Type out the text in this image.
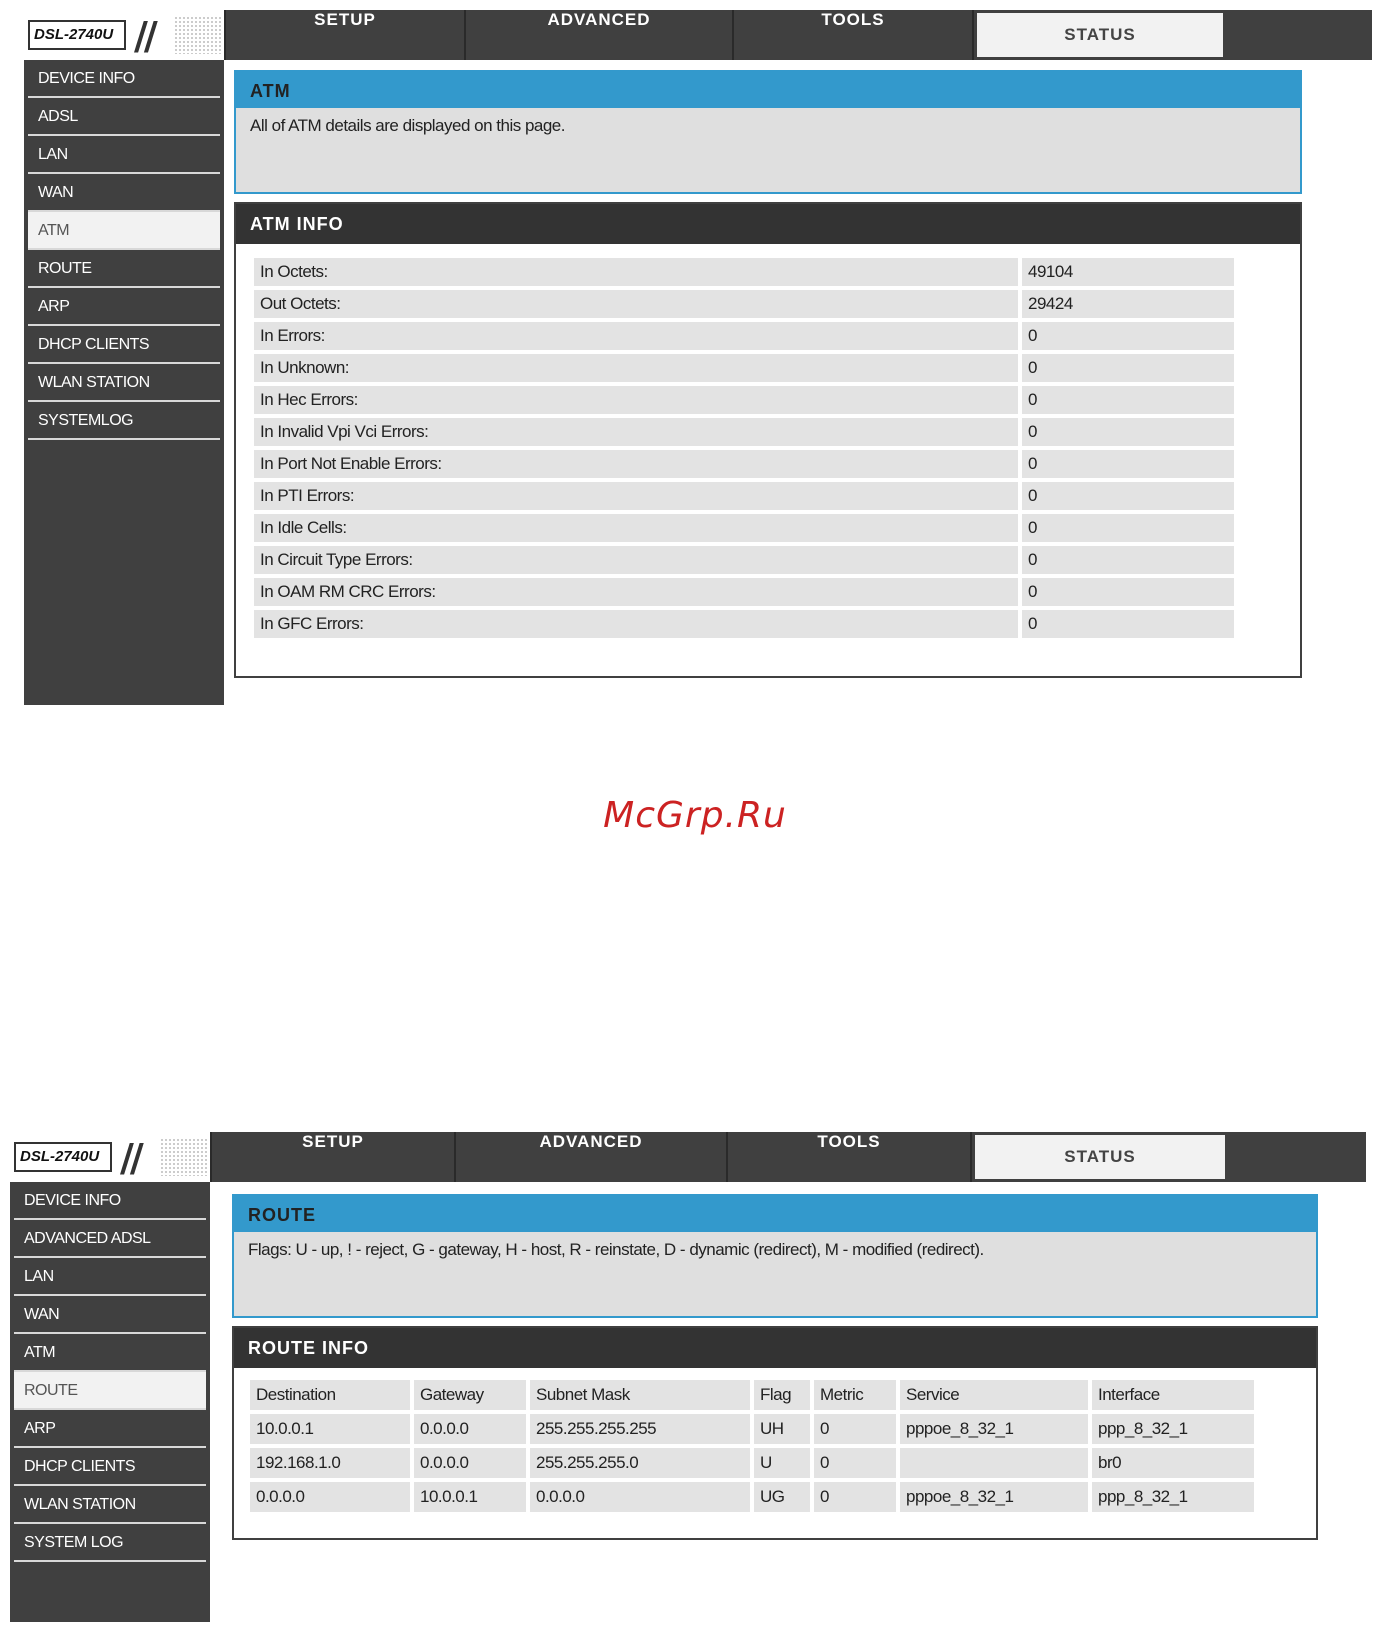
DSL-2740U //	SETUP	ADVANCED	TOOLS
STATUS
DEVICE INFO
ADSL
LAN
WAN
ATM
ROUTE
ARP
DHCP CLIENTS
WLAN STATION
SYSTEMLOG
ATM
All of ATM details are displayed on this page.
ATM INFO
In Octets:	49104
Out Octets:	29424
In Errors:	0
In Unknown:	0
In Hec Errors:	0
In Invalid Vpi Vci Errors:	0
In Port Not Enable Errors:	0
In PTI Errors:	0
In Idle Cells:	0
In Circuit Type Errors:	0
In OAM RM CRC Errors:	0
In GFC Errors:	0
McGrp.Ru
DSL-2740U //	SETUP	ADVANCED	TOOLS
STATUS
DEVICE INFO
ADVANCED ADSL
LAN
WAN
ATM
ROUTE
ARP
DHCP CLIENTS
WLAN STATION
SYSTEM LOG
ROUTE
Flags: U - up, ! - reject, G - gateway, H - host, R - reinstate, D - dynamic (redirect), M - modified (redirect).
ROUTE INFO
Destination	Gateway	Subnet Mask	Flag	Metric	Service	Interface
10.0.0.1	0.0.0.0	255.255.255.255	UH	0	pppoe_8_32_1	ppp_8_32_1
192.168.1.0	0.0.0.0	255.255.255.0	U	0		br0
0.0.0.0	10.0.0.1	0.0.0.0	UG	0	pppoe_8_32_1	ppp_8_32_1
